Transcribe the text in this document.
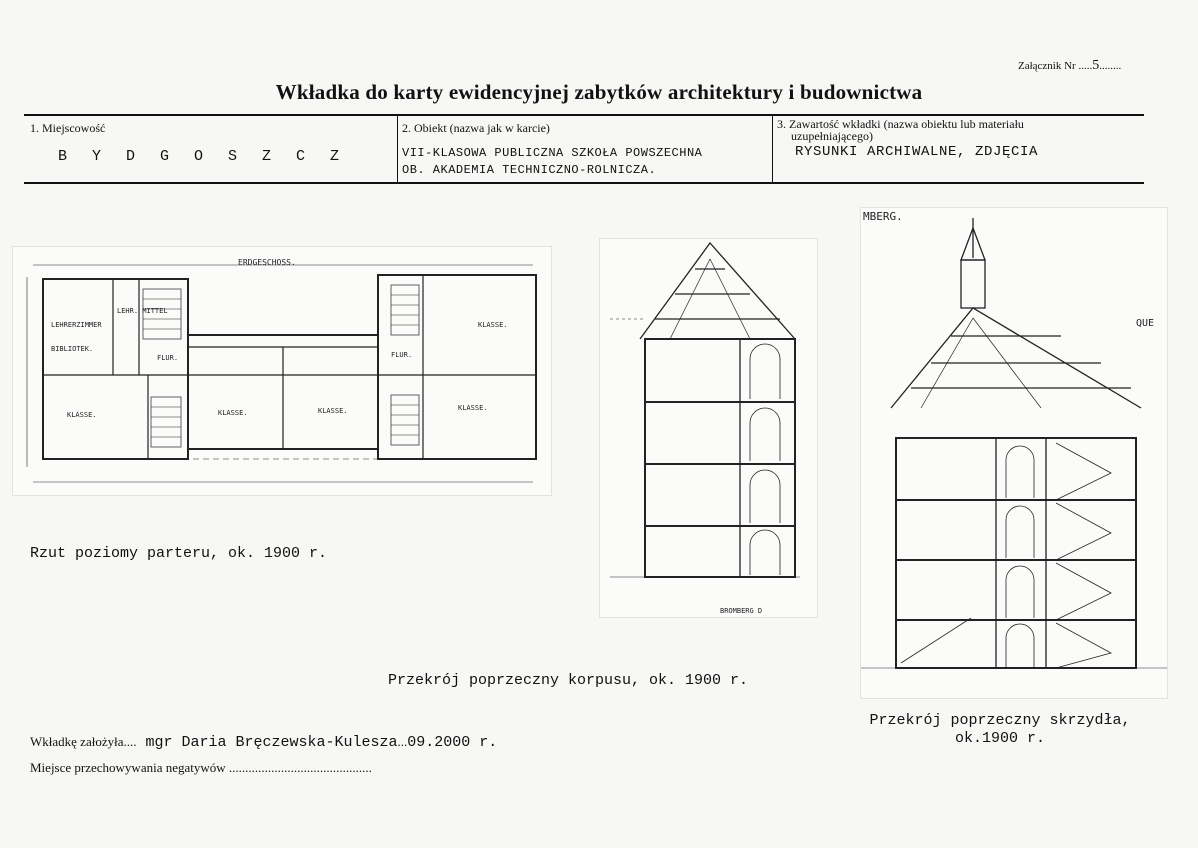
Załącznik Nr .....5........
Wkładka do karty ewidencyjnej zabytków architektury i budownictwa
1. Miejscowość
B Y D G O S Z C Z
2. Obiekt (nazwa jak w karcie)
VII-KLASOWA PUBLICZNA SZKOŁA POWSZECHNA
OB. AKADEMIA TECHNICZNO-ROLNICZA.
3. Zawartość wkładki (nazwa obiektu lub materiału
uzupełniającego)
RYSUNKI ARCHIWALNE, ZDJĘCIA
ERDGESCHOSS.
LEHRERZIMMER
BIBLIOTEK.
LEHR. MITTEL
FLUR.	FLUR.
KLASSE.
KLASSE.	KLASSE.	KLASSE.	KLASSE.
BROMBERG D
MBERG.
QUE
Rzut poziomy parteru, ok. 1900 r.
Przekrój poprzeczny korpusu, ok. 1900 r.
Przekrój poprzeczny skrzydła,
ok.1900 r.
Wkładkę założyła.... mgr Daria Bręczewska-Kulesza...09.2000 r.
Miejsce przechowywania negatywów ............................................
